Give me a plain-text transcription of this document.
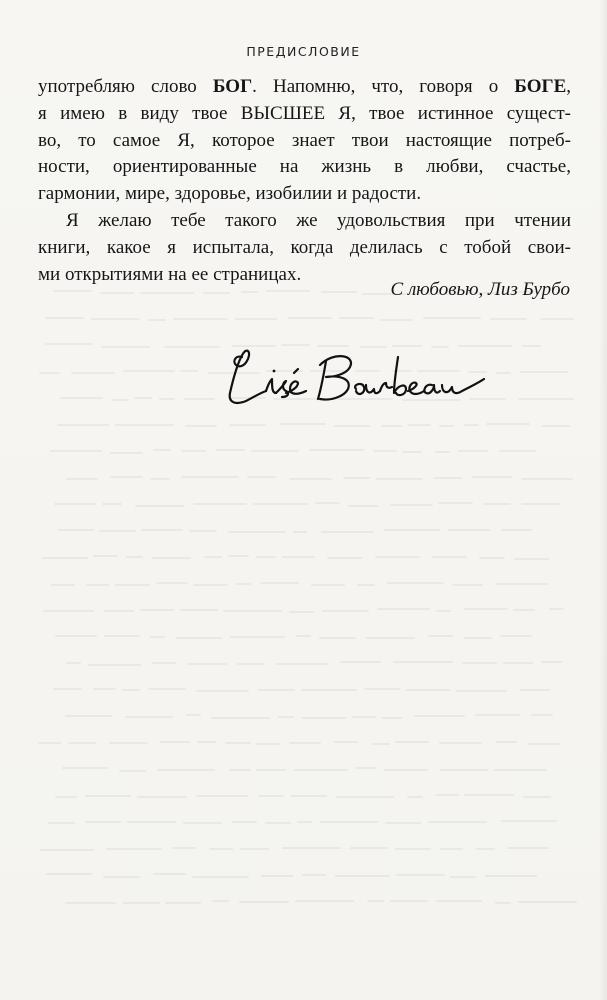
ПРЕДИСЛОВИЕ
употребляю слово БОГ. Напомню, что, говоря о БОГЕ,
я имею в виду твое ВЫСШЕЕ Я, твое истинное сущест-
во, то самое Я, которое знает твои настоящие потреб-
ности, ориентированные на жизнь в любви, счастье,
гармонии, мире, здоровье, изобилии и радости.
Я желаю тебе такого же удовольствия при чтении
книги, какое я испытала, когда делилась с тобой свои-
ми открытиями на ее страницах.
С любовью, Лиз Бурбо
